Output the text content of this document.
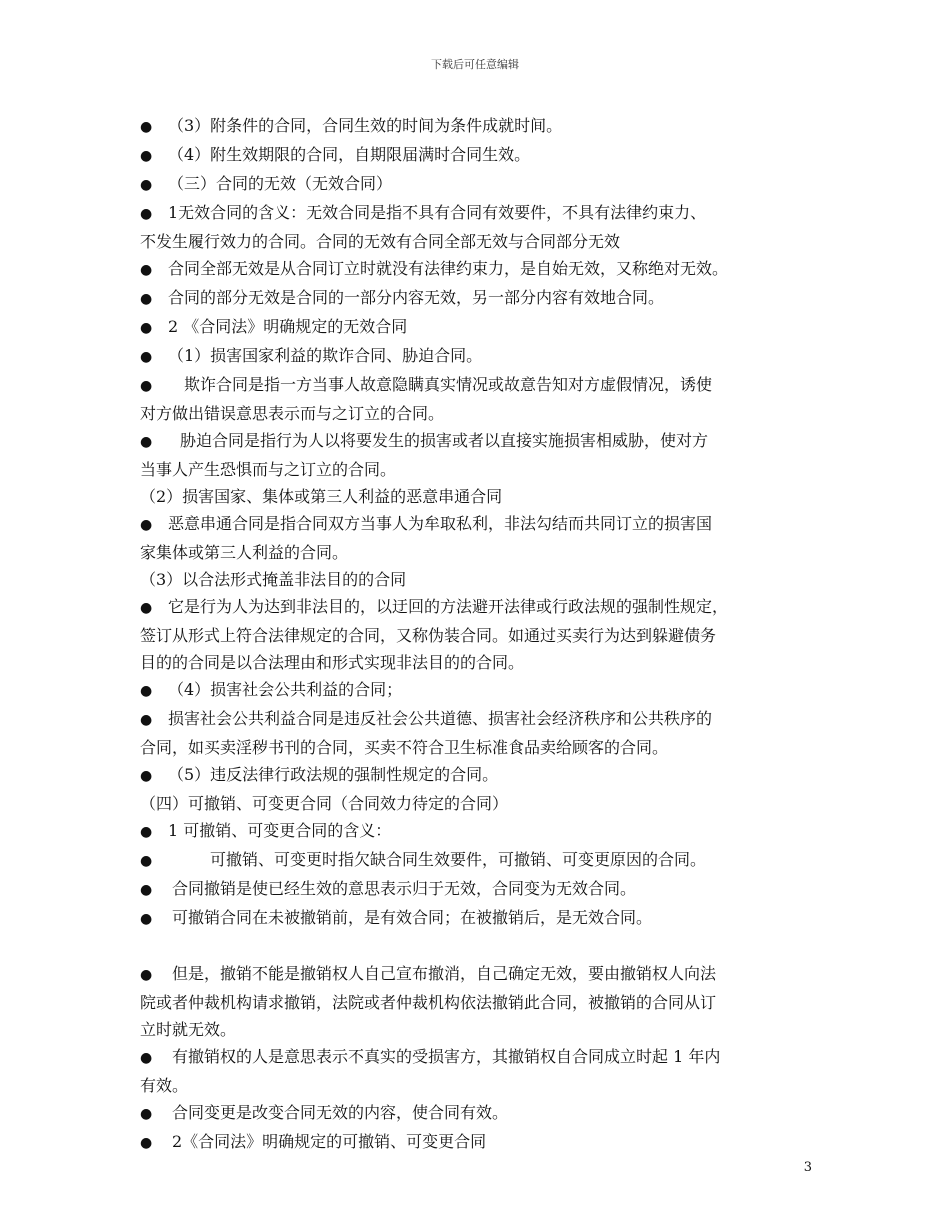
下载后可任意编辑
● （3）附条件的合同，合同生效的时间为条件成就时间。
● （4）附生效期限的合同，自期限届满时合同生效。
● （三）合同的无效（无效合同）
● 1无效合同的含义：无效合同是指不具有合同有效要件，不具有法律约束力、
不发生履行效力的合同。合同的无效有合同全部无效与合同部分无效
● 合同全部无效是从合同订立时就没有法律约束力，是自始无效，又称绝对无效。
● 合同的部分无效是合同的一部分内容无效，另一部分内容有效地合同。
● 2 《合同法》明确规定的无效合同
● （1）损害国家利益的欺诈合同、胁迫合同。
● 欺诈合同是指一方当事人故意隐瞒真实情况或故意告知对方虚假情况，诱使
对方做出错误意思表示而与之订立的合同。
● 胁迫合同是指行为人以将要发生的损害或者以直接实施损害相威胁，使对方
当事人产生恐惧而与之订立的合同。
（2）损害国家、集体或第三人利益的恶意串通合同
● 恶意串通合同是指合同双方当事人为牟取私利，非法勾结而共同订立的损害国
家集体或第三人利益的合同。
（3）以合法形式掩盖非法目的的合同
● 它是行为人为达到非法目的，以迂回的方法避开法律或行政法规的强制性规定，
签订从形式上符合法律规定的合同，又称伪装合同。如通过买卖行为达到躲避债务
目的的合同是以合法理由和形式实现非法目的的合同。
● （4）损害社会公共利益的合同；
● 损害社会公共利益合同是违反社会公共道德、损害社会经济秩序和公共秩序的
合同，如买卖淫秽书刊的合同，买卖不符合卫生标准食品卖给顾客的合同。
● （5）违反法律行政法规的强制性规定的合同。
（四）可撤销、可变更合同（合同效力待定的合同）
● 1 可撤销、可变更合同的含义：
●	可撤销、可变更时指欠缺合同生效要件，可撤销、可变更原因的合同。
● 合同撤销是使已经生效的意思表示归于无效，合同变为无效合同。
● 可撤销合同在未被撤销前，是有效合同；在被撤销后，是无效合同。
● 但是，撤销不能是撤销权人自己宣布撤消，自己确定无效，要由撤销权人向法
院或者仲裁机构请求撤销，法院或者仲裁机构依法撤销此合同，被撤销的合同从订
立时就无效。
● 有撤销权的人是意思表示不真实的受损害方，其撤销权自合同成立时起 1 年内
有效。
● 合同变更是改变合同无效的内容，使合同有效。
● 2《合同法》明确规定的可撤销、可变更合同
3
